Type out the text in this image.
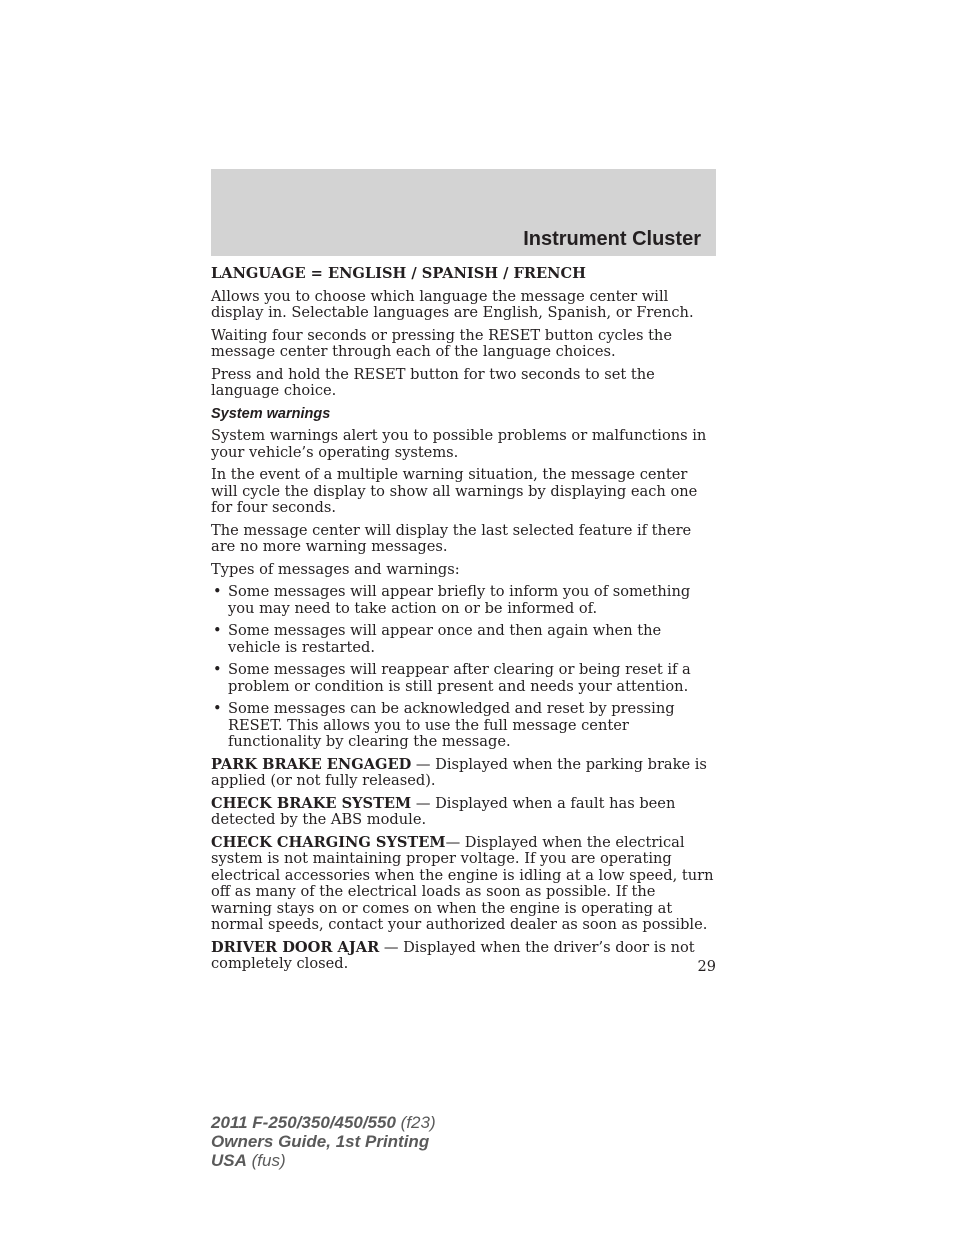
Instrument Cluster

LANGUAGE = ENGLISH / SPANISH / FRENCH

Allows you to choose which language the message center will display in. Selectable languages are English, Spanish, or French.

Waiting four seconds or pressing the RESET button cycles the message center through each of the language choices.

Press and hold the RESET button for two seconds to set the language choice.

System warnings

System warnings alert you to possible problems or malfunctions in your vehicle’s operating systems.

In the event of a multiple warning situation, the message center will cycle the display to show all warnings by displaying each one for four seconds.

The message center will display the last selected feature if there are no more warning messages.

Types of messages and warnings:

• Some messages will appear briefly to inform you of something you may need to take action on or be informed of.
• Some messages will appear once and then again when the vehicle is restarted.
• Some messages will reappear after clearing or being reset if a problem or condition is still present and needs your attention.
• Some messages can be acknowledged and reset by pressing RESET. This allows you to use the full message center functionality by clearing the message.

PARK BRAKE ENGAGED — Displayed when the parking brake is applied (or not fully released).

CHECK BRAKE SYSTEM — Displayed when a fault has been detected by the ABS module.

CHECK CHARGING SYSTEM— Displayed when the electrical system is not maintaining proper voltage. If you are operating electrical accessories when the engine is idling at a low speed, turn off as many of the electrical loads as soon as possible. If the warning stays on or comes on when the engine is operating at normal speeds, contact your authorized dealer as soon as possible.

DRIVER DOOR AJAR — Displayed when the driver’s door is not completely closed.	29
2011 F-250/350/450/550 (f23)
Owners Guide, 1st Printing
USA (fus)
